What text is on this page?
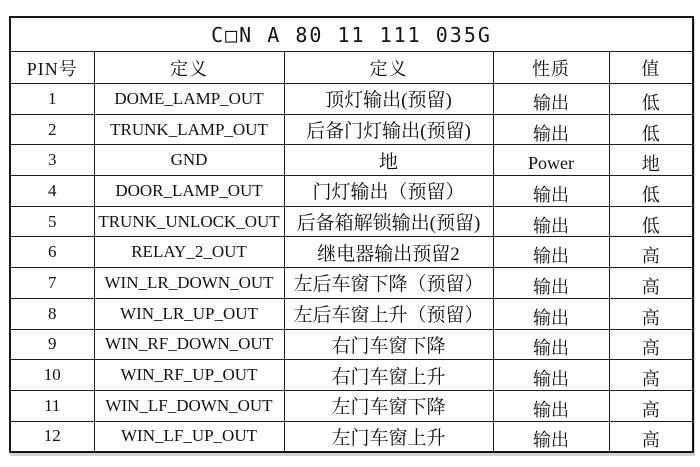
C□N A 80 11 111 035G				
PIN号	定义	定义	性质	值
1	DOME_LAMP_OUT	顶灯输出(预留)	输出	低
2	TRUNK_LAMP_OUT	后备门灯输出(预留)	输出	低
3	GND	地	Power	地
4	DOOR_LAMP_OUT	门灯输出（预留）	输出	低
5	TRUNK_UNLOCK_OUT	后备箱解锁输出(预留)	输出	低
6	RELAY_2_OUT	继电器输出预留2	输出	高
7	WIN_LR_DOWN_OUT	左后车窗下降（预留）	输出	高
8	WIN_LR_UP_OUT	左后车窗上升（预留）	输出	高
9	WIN_RF_DOWN_OUT	右门车窗下降	输出	高
10	WIN_RF_UP_OUT	右门车窗上升	输出	高
11	WIN_LF_DOWN_OUT	左门车窗下降	输出	高
12	WIN_LF_UP_OUT	左门车窗上升	输出	高
